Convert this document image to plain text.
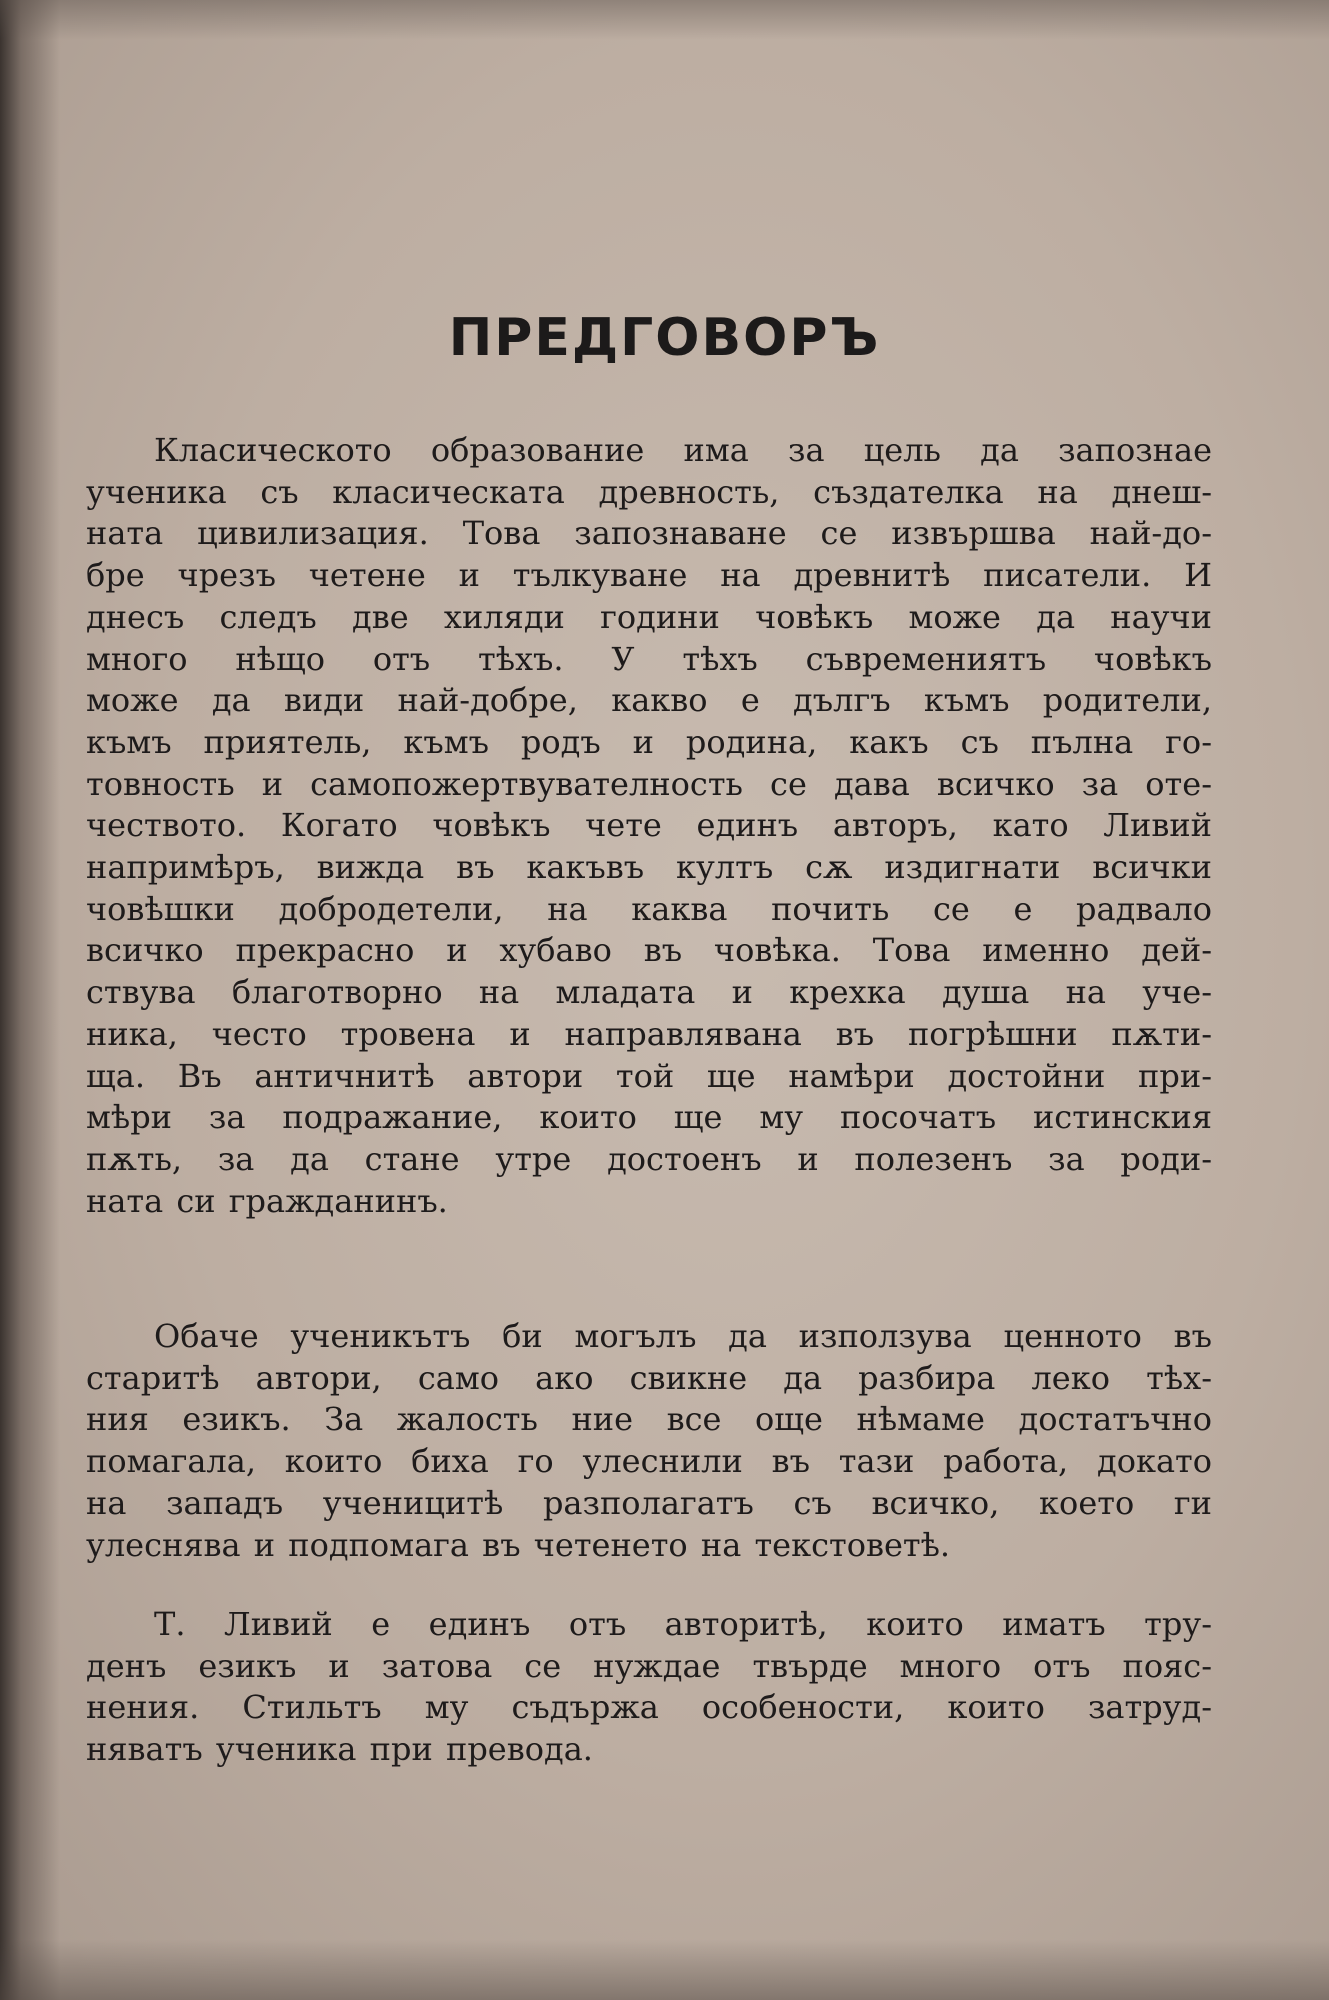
ПРЕДГОВОРЪ
Класическото образование има за цель да запознае
ученика съ класическата древность, създателка на днеш-
ната цивилизация. Това запознаване се извършва най-до-
бре чрезъ четене и тълкуване на древнитѣ писатели. И
днесъ следъ две хиляди години човѣкъ може да научи
много нѣщо отъ тѣхъ. У тѣхъ съвремениятъ човѣкъ
може да види най-добре, какво е дългъ къмъ родители,
къмъ приятель, къмъ родъ и родина, какъ съ пълна го-
товность и самопожертвувателность се дава всичко за оте-
чеството. Когато човѣкъ чете единъ авторъ, като Ливий
напримѣръ, вижда въ какъвъ култъ сѫ издигнати всички
човѣшки добродетели, на каква почить се е радвало
всичко прекрасно и хубаво въ човѣка. Това именно дей-
ствува благотворно на младата и крехка душа на уче-
ника, често тровена и направлявана въ погрѣшни пѫти-
ща. Въ античнитѣ автори той ще намѣри достойни при-
мѣри за подражание, които ще му посочатъ истинския
пѫть, за да стане утре достоенъ и полезенъ за роди-
ната си гражданинъ.
Обаче ученикътъ би могълъ да използува ценното въ
старитѣ автори, само ако свикне да разбира леко тѣх-
ния езикъ. За жалость ние все още нѣмаме достатъчно
помагала, които биха го улеснили въ тази работа, докато
на западъ ученицитѣ разполагатъ съ всичко, което ги
улеснява и подпомага въ четенето на текстоветѣ.
Т. Ливий е единъ отъ авторитѣ, които иматъ тру-
денъ езикъ и затова се нуждае твърде много отъ пояс-
нения. Стильтъ му съдържа особености, които затруд-
няватъ ученика при превода.
